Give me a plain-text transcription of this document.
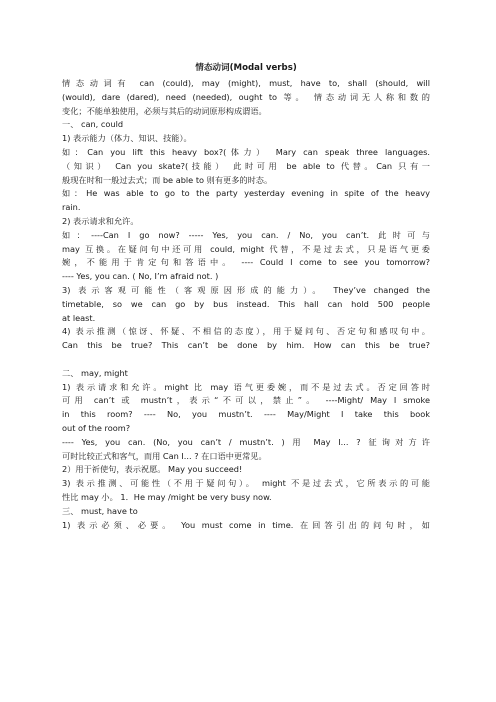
情态动词(Modal verbs)
情态动词有 can (could), may (might), must, have to, shall (should, will
(would), dare (dared), need (needed), ought to 等。 情态动词无人称和数的
变化；不能单独使用，必须与其后的动词原形构成谓语。
一、 can, could
1) 表示能力（体力、知识、技能）。
如：Can you lift this heavy box?(体力） Mary can speak three languages.
（知识） Can you skate?(技能） 此时可用 be able to 代替。Can 只有一
般现在时和一般过去式；而 be able to 则有更多的时态。
如：He was able to go to the party yesterday evening in spite of the heavy
rain.
2) 表示请求和允许。
如：----Can I go now? ----- Yes, you can. / No, you can’t. 此时可与
may 互换。在疑问句中还可用 could, might 代替，不是过去式，只是语气更委
婉，不能用于肯定句和答语中。 ---- Could I come to see you tomorrow?
---- Yes, you can. ( No, I’m afraid not. )
3) 表示客观可能性（客观原因形成的能力）。 They’ve changed the
timetable, so we can go by bus instead. This hall can hold 500 people
at least.
4) 表示推测（惊讶、怀疑、不相信的态度），用于疑问句、否定句和感叹句中。
Can this be true? This can’t be done by him. How can this be true?
二、 may, might
1) 表示请求和允许。might 比 may 语气更委婉，而不是过去式。否定回答时
可用 can’t 或 mustn’t，表示“不可以，禁止”。 ----Might/ May I smoke
in this room? ---- No, you mustn’t. ---- May/Might I take this book
out of the room?
---- Yes, you can. (No, you can’t / mustn’t. ) 用 May I... ? 征询对方许
可时比较正式和客气，而用 Can I... ? 在口语中更常见。
2）用于祈使句，表示祝愿。 May you succeed!
3) 表示推测、可能性（不用于疑问句）。 might 不是过去式，它所表示的可能
性比 may 小。 1．He may /might be very busy now.
三、 must, have to
1) 表示必须、必要。 You must come in time. 在回答引出的问句时，如
